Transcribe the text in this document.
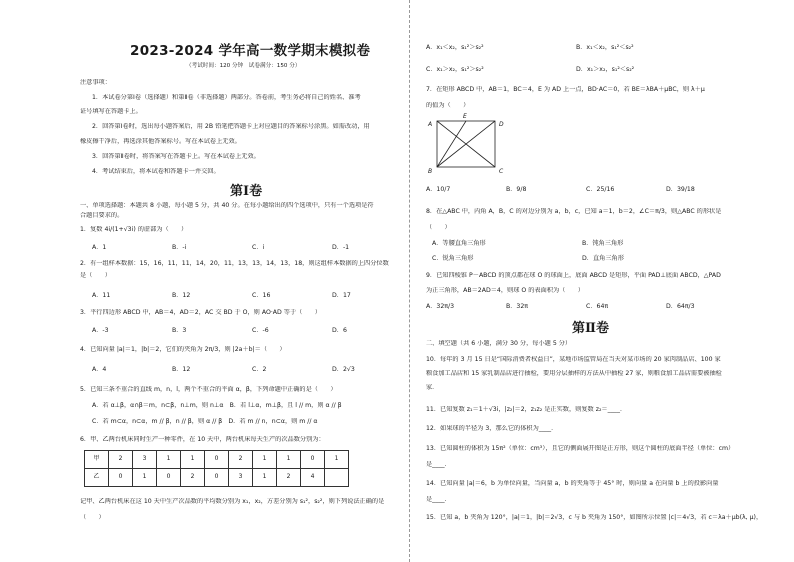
2023-2024 学年高一数学期末模拟卷
（考试时间：120 分钟　试卷满分：150 分）
注意事项：
1．本试卷分第Ⅰ卷（选择题）和第Ⅱ卷（非选择题）两部分。答卷前，考生务必将自己的姓名、准考
证号填写在答题卡上。
2．回答第Ⅰ卷时，选出每小题答案后，用 2B 铅笔把答题卡上对应题目的答案标号涂黑。如需改动，用
橡皮擦干净后，再选涂其他答案标号。写在本试卷上无效。
3．回答第Ⅱ卷时，将答案写在答题卡上。写在本试卷上无效。
4．考试结束后，将本试卷和答题卡一并交回。
第Ⅰ卷
一、单项选择题：本题共 8 小题，每小题 5 分，共 40 分。在每小题给出的四个选项中，只有一个选项是符
合题目要求的。
1．复数 4i/(1+√3i) 的虚部为（　　）
A．1	B．-i	C．i	D．-1
2．有一组样本数据：15，16，11，11，14，20，11，13，13，14，13，18，则这组样本数据的上四分位数
是（　　）
A．11	B．12	C．16	D．17
3．平行四边形 ABCD 中，AB＝4，AD＝2，AC 交 BD 于 O，则 AO·AD 等于（　　）
A．-3	B．3	C．-6	D．6
4．已知向量 |a|＝1，|b|＝2，它们的夹角为 2π/3，则 |2a＋b|＝（　　）
A．4	B．12	C．2	D．2√3
5．已知三条不重合的直线 m，n，l，两个不重合的平面 α，β，下列命题中正确的是（　　）
A．若 α⊥β，α∩β＝m，n⊂β，n⊥m，则 n⊥α　B．若 l⊥α，m⊥β，且 l // m，则 α // β
C．若 m⊂α，n⊂α，m // β，n // β，则 α // β　D．若 m // n，n⊂α，则 m // α
6．甲、乙两台机床同时生产一种零件，在 10 天中，两台机床每天生产的次品数分别为：
甲	2	3	1	1	0	2	1	1	0	1
乙	0	1	0	2	0	3	1	2	4	
记甲、乙两台机床在这 10 天中生产次品数的平均数分别为 x₁，x₂，方差分别为 s₁²，s₂²，则下列说法正确的是
（　　）
A．x₁＜x₂，s₁²＞s₂²	B．x₁＜x₂，s₁²＜s₂²
C．x₁＞x₂，s₁²＞s₂²	D．x₁＞x₂，s₁²＜s₂²
7．在矩形 ABCD 中，AB＝1，BC＝4，E 为 AD 上一点，BD·AC＝0，若 BE＝λBA＋μBC，则 λ＋μ
的值为（　　）
A
E
D
B	C
A．10/7	B．9/8	C．25/16	D．39/18
8．在△ABC 中，内角 A，B，C 的对边分别为 a，b，c，已知 a＝1，b＝2，∠C＝π/3，则△ABC 的形状是
（　　）
A．等腰直角三角形	B．钝角三角形
C．锐角三角形	D．直角三角形
9．已知四棱锥 P－ABCD 的顶点都在球 O 的球面上，底面 ABCD 是矩形，平面 PAD⊥底面 ABCD，△PAD
为正三角形，AB＝2AD＝4，则球 O 的表面积为（　　）
A．32π/3	B．32π	C．64π	D．64π/3
第Ⅱ卷
二、填空题（共 6 小题，满分 30 分，每小题 5 分）
10．每年的 3 月 15 日是“国际消费者权益日”，某地市场监管局在当天对某市场的 20 家肉制品店、100 家
粮食加工品店和 15 家乳制品店进行抽检，要用分层抽样的方法从中抽检 27 家，则粮食加工品店需要被抽检
家．
11．已知复数 z₁＝1＋√3i，|z₂|＝2，z₁z₂ 是正实数，则复数 z₂＝____．
12．如果球的半径为 3，那么它的体积为____．
13．已知圆柱的体积为 15π²（单位：cm³），且它的侧面展开图是正方形，则这个圆柱的底面半径（单位：cm）
是____．
14．已知向量 |a|＝6，b 为单位向量，当向量 a，b 的夹角等于 45° 时，则向量 a 在向量 b 上的投影向量
是____．
15．已知 a，b 夹角为 120°，|a|＝1，|b|＝2√3，c 与 b 夹角为 150°，如图所示位置 |c|＝4√3，若 c＝λa＋μb(λ, μ)，
